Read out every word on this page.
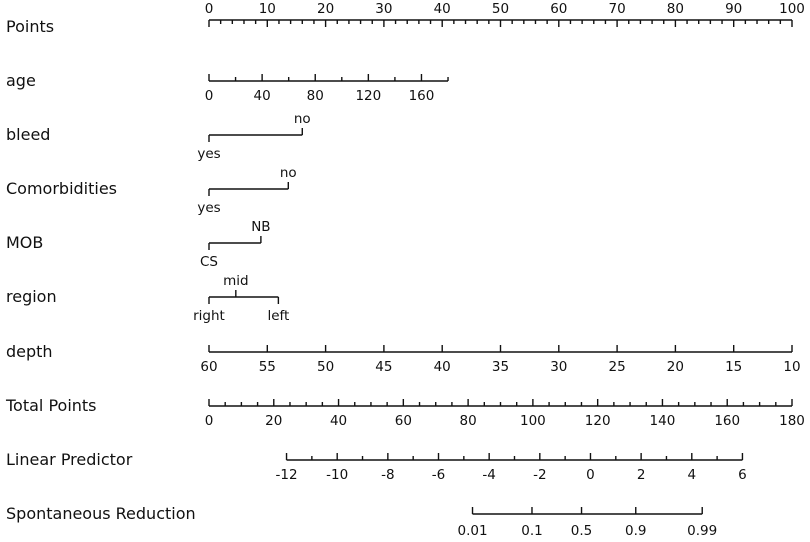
Points
0	10	20	30	40	50	60	70	80	90	100
age
0	40	80 120 160
bleed
yes
no
Comorbidities
yes
no
MOB
CS
NB
region
right
mid
left
depth
60	55	50	45	40	35	30	25	20	15	10
Total Points
0	20	40	60	80	100	120	140	160	180
Linear Predictor
-12 -10 -8	-6	-4	-2	0	2	4	6
Spontaneous Reduction
0.01 0.1 0.5 0.9	0.99
